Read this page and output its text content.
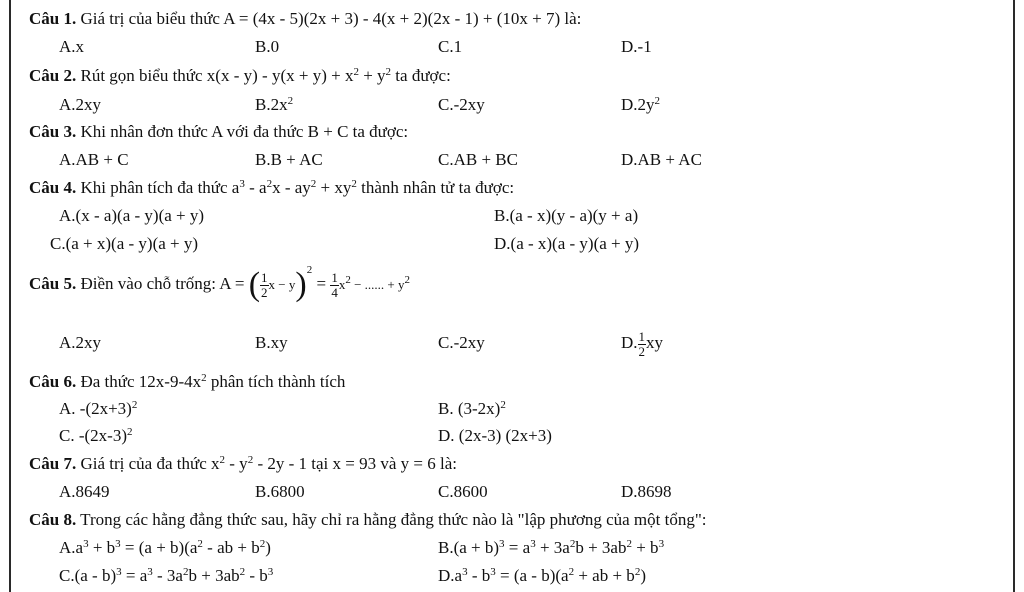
Câu 1. Giá trị của biểu thức A = (4x - 5)(2x + 3) - 4(x + 2)(2x - 1) + (10x + 7) là:
A.x	B.0	C.1	D.-1
Câu 2. Rút gọn biểu thức $x(x - y) - y(x + y) + x^2 + y^2$ ta được:
A.2xy	$B.2x^2$	C.-2xy	$D.2y^2$
Câu 3. Khi nhân đơn thức A với đa thức B + C ta được:
A.AB + C	B.B + AC	C.AB + BC	D.AB + AC
Câu 4. Khi phân tích đa thức $a^3 - a^2x - ay^2 + xy^2$ thành nhân tử ta được:
A.(x - a)(a - y)(a + y)	B.(a - x)(y - a)(y + a)
C.(a + x)(a - y)(a + y)	D.(a - x)(a - y)(a + y)
Câu 5. Điền vào chỗ trống: A = ( $\frac{1}{2}$ $x - y)^2 = \frac{1}{4} x^2$ − ...... + $y^2$
A.2xy	B.xy	C.-2xy	D. $\frac{1}{2}$ xy
Câu 6. Đa thức $12x-9-4x^2$ phân tích thành tích
A. $-(2x+3)^2$	B. $(3-2x)^2$
C. $-(2x-3)^2$	D. (2x-3) (2x+3)
Câu 7. Giá trị của đa thức $x^2 - y^2 - 2y - 1$ tại x = 93 và y = 6 là:
A.8649	B.6800	C.8600	D.8698
Câu 8. Trong các hằng đẳng thức sau, hãy chỉ ra hằng đẳng thức nào là "lập phương của một tổng":
$A.a^3 + b^3 = (a + b)(a^2$ - ab + $b^2$)	$B.(a + b)^3 = a^3 + 3a^2b + 3ab^2 + b^3$
$C.(a - b)^3 = a^3 - 3a^2b + 3ab^2 - b^3$	$D.a^3 - b^3 = (a - b)(a^2$ + ab + $b^2$)
